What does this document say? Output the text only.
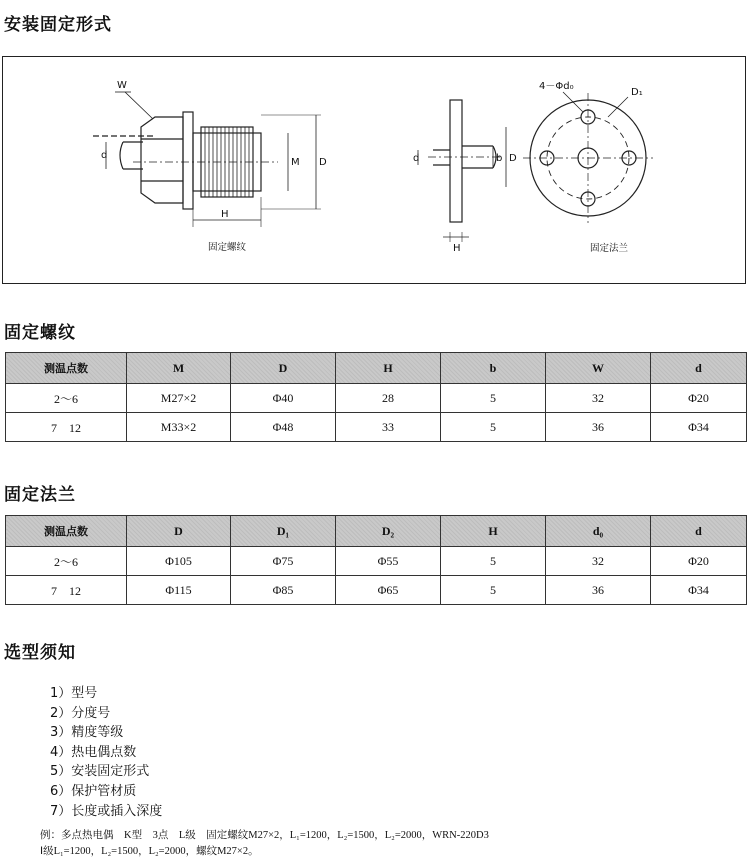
安装固定形式
W
d
M D
H
d	b D
H
4－Φd₀
D₁
固定螺纹	固定法兰
固定螺纹
测温点数	M	D	H	b	W	d
2～6	M27×2	Φ40	28	5	32	Φ20
7　12	M33×2	Φ48	33	5	36	Φ34
固定法兰
测温点数	D	D₁	D₂	H	d₀	d
2～6	Φ105	Φ75	Φ55	5	32	Φ20
7　12	Φ115	Φ85	Φ65	5	36	Φ34
选型须知
1）型号
2）分度号
3）精度等级
4）热电偶点数
5）安装固定形式
6）保护管材质
7）长度或插入深度
例：多点热电偶　K型　3点　L级　固定螺纹M27×2，L₁=1200，L₂=1500，L₂=2000，WRN-220D3
Ⅰ级L₁=1200，L₂=1500，L₂=2000，螺纹M27×2。
